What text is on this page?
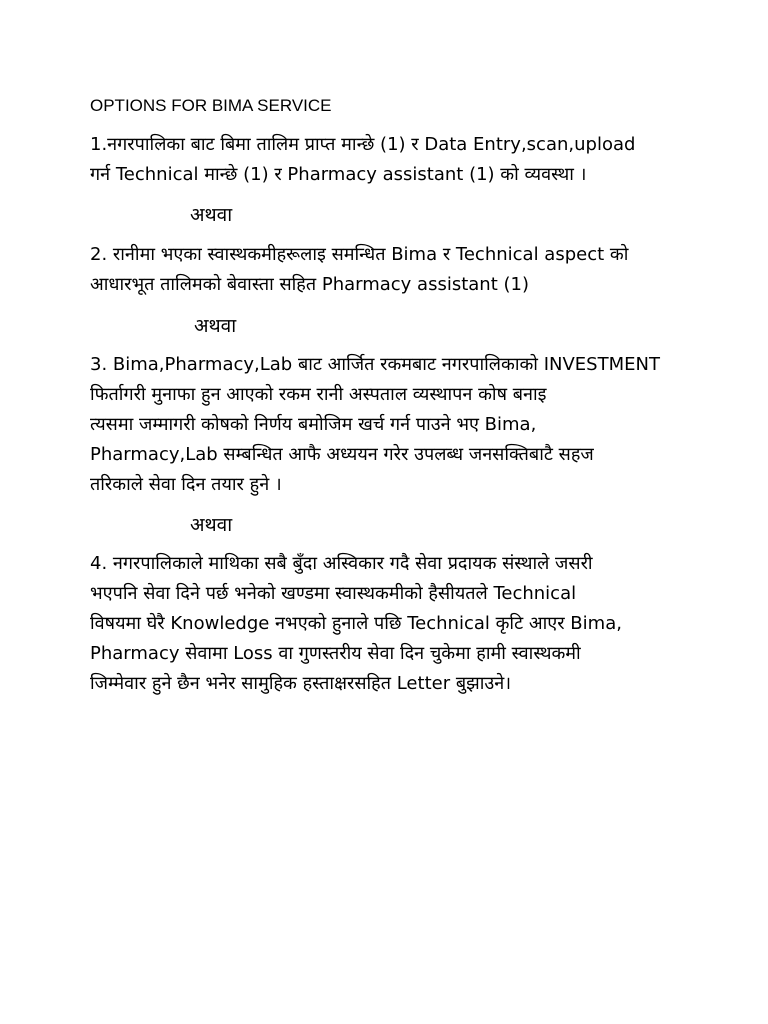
OPTIONS FOR BIMA SERVICE

1.नगरपालिका बाट बिमा तालिम प्राप्त मान्छे (1) र Data Entry,scan,upload
गर्न Technical मान्छे (1) र Pharmacy assistant (1) को व्यवस्था ।

अथवा

2. रानीमा भएका स्वास्थकमीहरूलाइ समन्धित Bima र Technical aspect को
आधारभूत तालिमको बेवास्ता सहित Pharmacy assistant (1)

अथवा

3. Bima,Pharmacy,Lab बाट आर्जित रकमबाट नगरपालिकाको INVESTMENT
फिर्तागरी मुनाफा हुन आएको रकम रानी अस्पताल व्यस्थापन कोष बनाइ
त्यसमा जम्मागरी कोषको निर्णय बमोजिम खर्च गर्न पाउने भए Bima,
Pharmacy,Lab सम्बन्धित आफै अध्ययन गरेर उपलब्ध जनसक्तिबाटै सहज
तरिकाले सेवा दिन तयार हुने ।

अथवा

4. नगरपालिकाले माथिका सबै बुँदा अस्विकार गदै सेवा प्रदायक संस्थाले जसरी
भएपनि सेवा दिने पर्छ भनेको खण्डमा स्वास्थकमीको हैसीयतले Technical
विषयमा घेरै Knowledge नभएको हुनाले पछि Technical कृटि आएर Bima,
Pharmacy सेवामा Loss वा गुणस्तरीय सेवा दिन चुकेमा हामी स्वास्थकमी
जिम्मेवार हुने छैन भनेर सामुहिक हस्ताक्षरसहित Letter बुझाउने।
